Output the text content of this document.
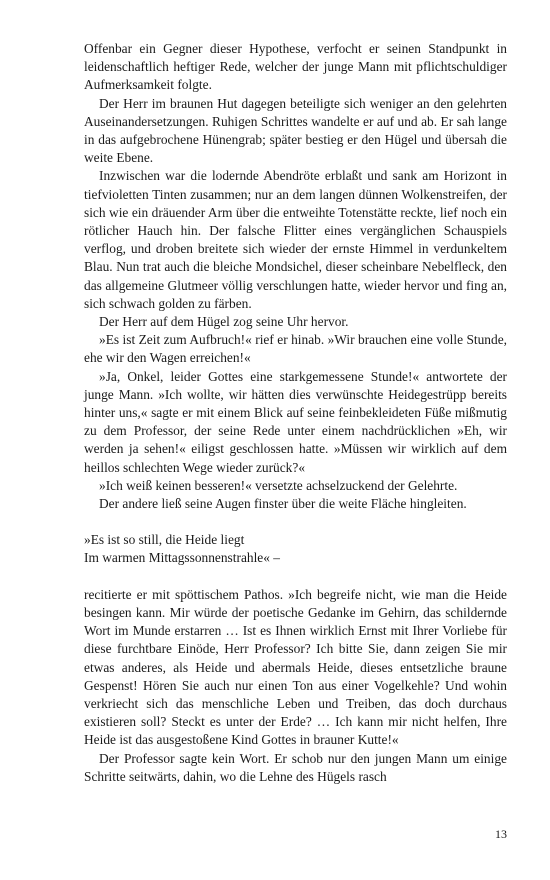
Offenbar ein Gegner dieser Hypothese, verfocht er seinen Standpunkt in leidenschaftlich heftiger Rede, welcher der junge Mann mit pflichtschuldiger Aufmerksamkeit folgte.

Der Herr im braunen Hut dagegen beteiligte sich weniger an den gelehrten Auseinandersetzungen. Ruhigen Schrittes wandelte er auf und ab. Er sah lange in das aufgebrochene Hünengrab; später bestieg er den Hügel und übersah die weite Ebene.

Inzwischen war die lodernde Abendröte erblaßt und sank am Horizont in tiefvioletten Tinten zusammen; nur an dem langen dünnen Wolkenstreifen, der sich wie ein dräuender Arm über die entweihte Totenstätte reckte, lief noch ein rötlicher Hauch hin. Der falsche Flitter eines vergänglichen Schauspiels verflog, und droben breitete sich wieder der ernste Himmel in verdunkeltem Blau. Nun trat auch die bleiche Mondsichel, dieser scheinbare Nebelfleck, den das allgemeine Glutmeer völlig verschlungen hatte, wieder hervor und fing an, sich schwach golden zu färben.

Der Herr auf dem Hügel zog seine Uhr hervor.

»Es ist Zeit zum Aufbruch!« rief er hinab. »Wir brauchen eine volle Stunde, ehe wir den Wagen erreichen!«

»Ja, Onkel, leider Gottes eine starkgemessene Stunde!« antwortete der junge Mann. »Ich wollte, wir hätten dies verwünschte Heidegestrüpp bereits hinter uns,« sagte er mit einem Blick auf seine feinbekleideten Füße mißmutig zu dem Professor, der seine Rede unter einem nachdrücklichen »Eh, wir werden ja sehen!« eiligst geschlossen hatte. »Müssen wir wirklich auf dem heillos schlechten Wege wieder zurück?«

»Ich weiß keinen besseren!« versetzte achselzuckend der Gelehrte.

Der andere ließ seine Augen finster über die weite Fläche hingleiten.

»Es ist so still, die Heide liegt
Im warmen Mittagssonnenstrahle« –

recitierte er mit spöttischem Pathos. »Ich begreife nicht, wie man die Heide besingen kann. Mir würde der poetische Gedanke im Gehirn, das schildernde Wort im Munde erstarren … Ist es Ihnen wirklich Ernst mit Ihrer Vorliebe für diese furchtbare Einöde, Herr Professor? Ich bitte Sie, dann zeigen Sie mir etwas anderes, als Heide und abermals Heide, dieses entsetzliche braune Gespenst! Hören Sie auch nur einen Ton aus einer Vogelkehle? Und wohin verkriecht sich das menschliche Leben und Treiben, das doch durchaus existieren soll? Steckt es unter der Erde? … Ich kann mir nicht helfen, Ihre Heide ist das ausgestoßene Kind Gottes in brauner Kutte!«

Der Professor sagte kein Wort. Er schob nur den jungen Mann um einige Schritte seitwärts, dahin, wo die Lehne des Hügels rasch

13
